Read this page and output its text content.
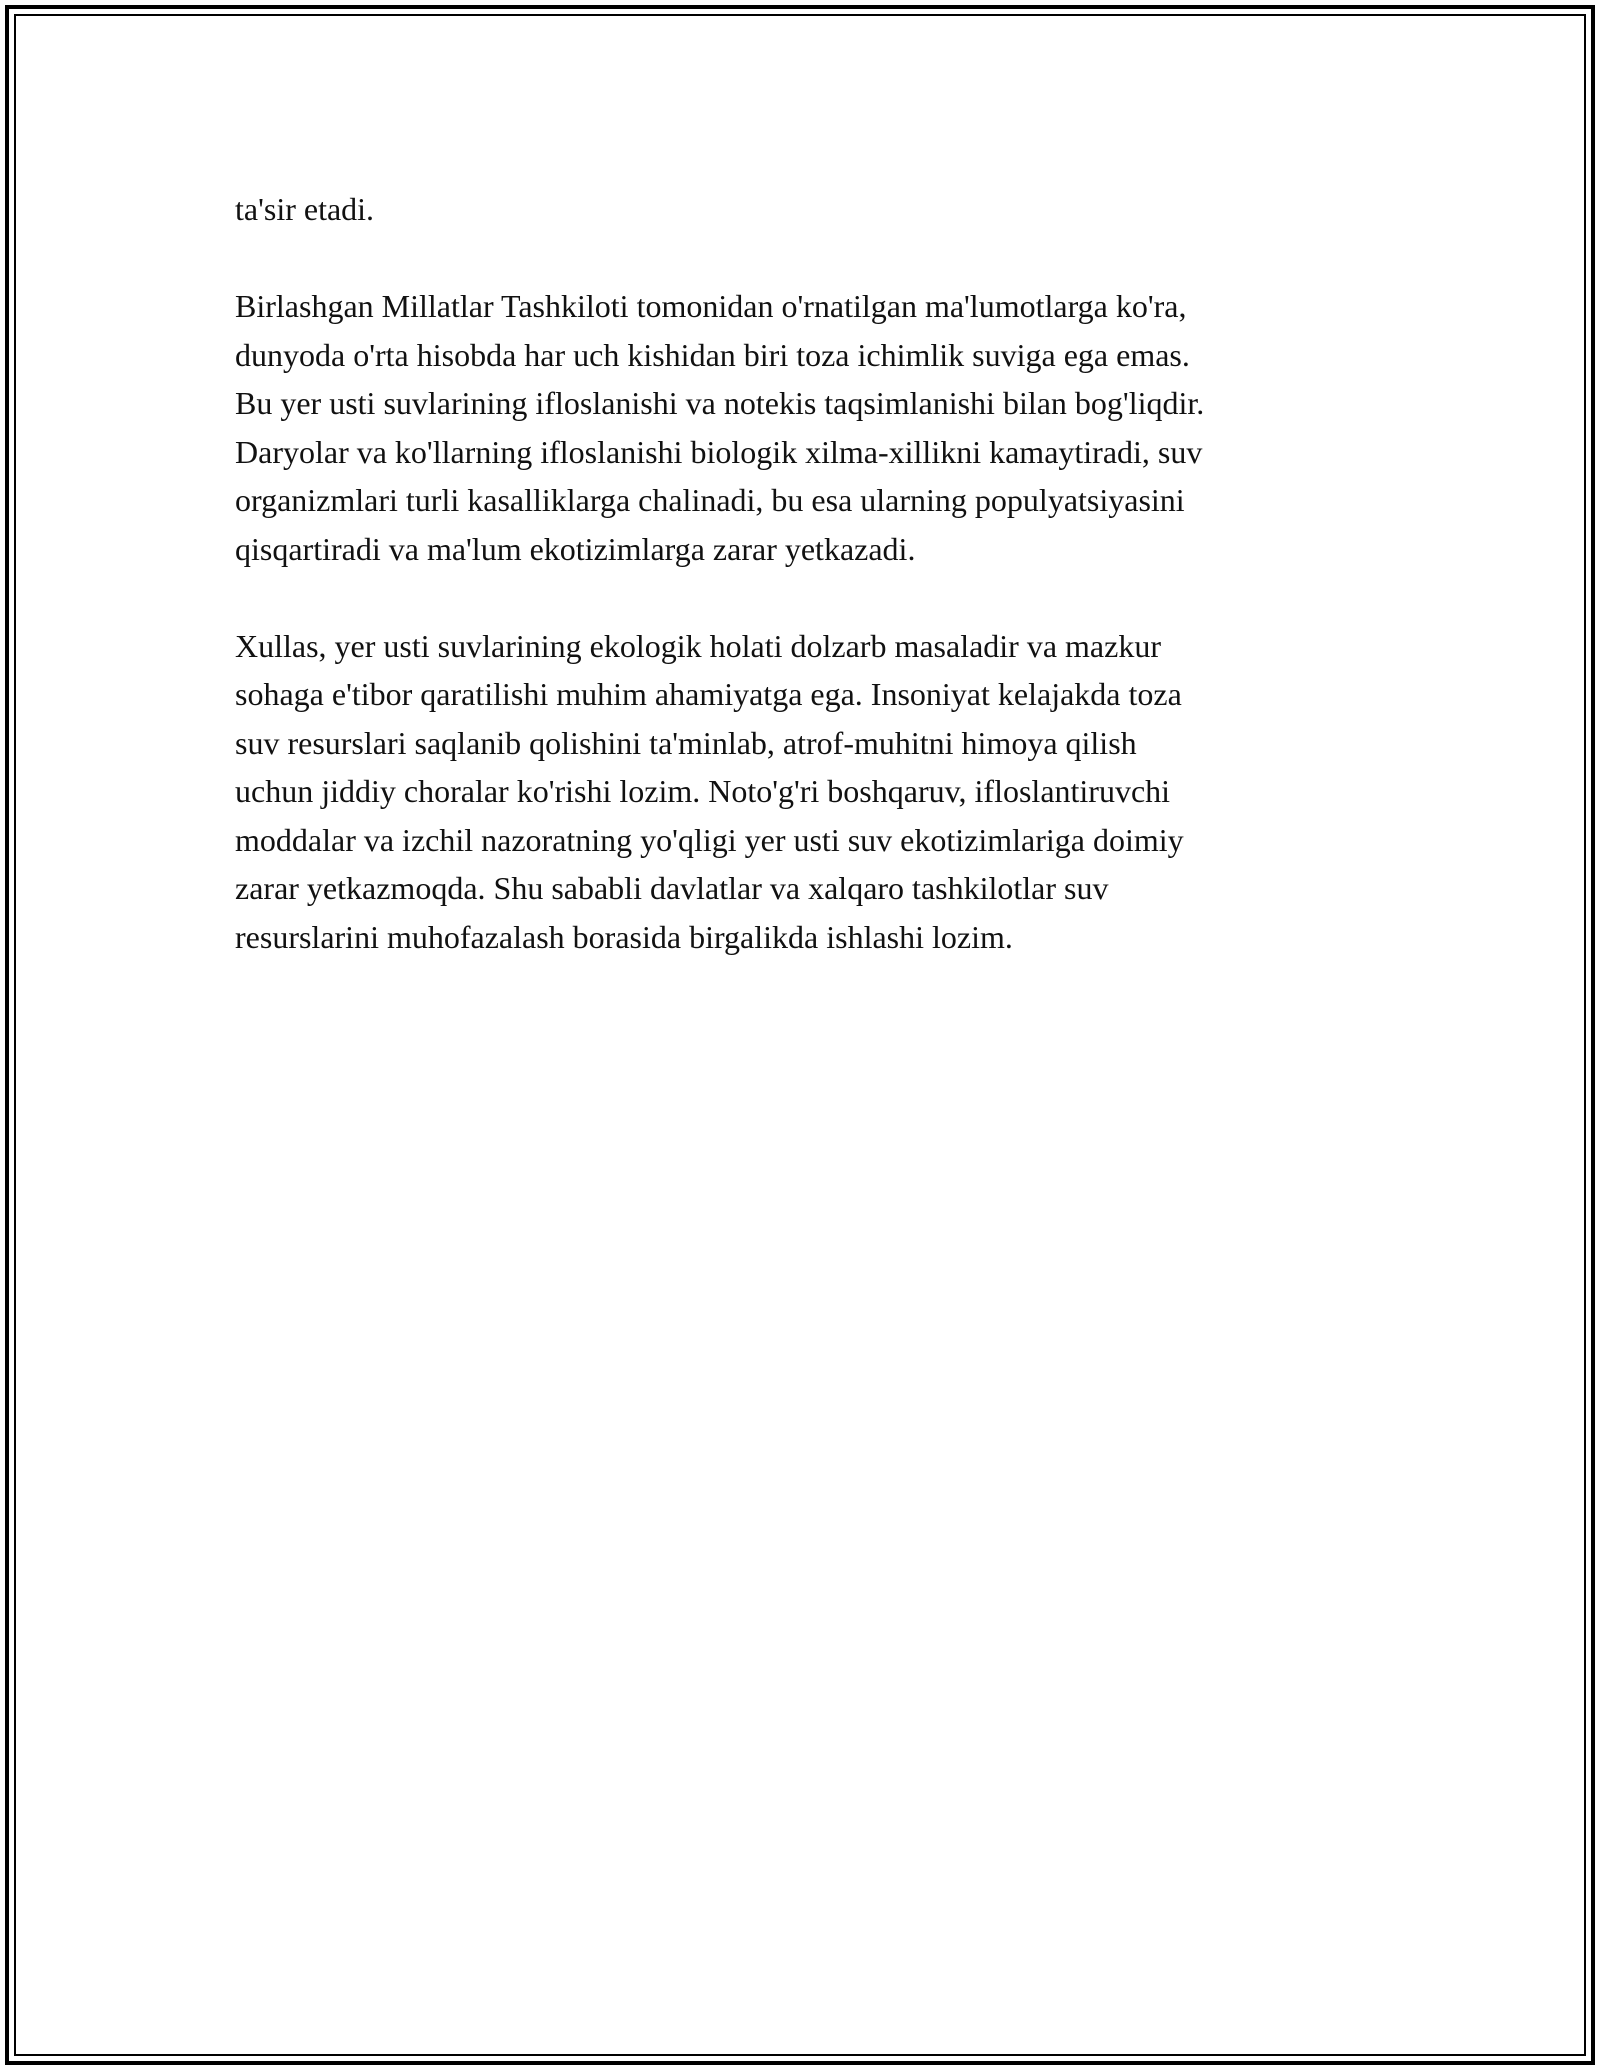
ta'sir etadi.

Birlashgan Millatlar Tashkiloti tomonidan o'rnatilgan ma'lumotlarga ko'ra,
dunyoda o'rta hisobda har uch kishidan biri toza ichimlik suviga ega emas.
Bu yer usti suvlarining ifloslanishi va notekis taqsimlanishi bilan bog'liqdir.
Daryolar va ko'llarning ifloslanishi biologik xilma-xillikni kamaytiradi, suv
organizmlari turli kasalliklarga chalinadi, bu esa ularning populyatsiyasini
qisqartiradi va ma'lum ekotizimlarga zarar yetkazadi.

Xullas, yer usti suvlarining ekologik holati dolzarb masaladir va mazkur
sohaga e'tibor qaratilishi muhim ahamiyatga ega. Insoniyat kelajakda toza
suv resurslari saqlanib qolishini ta'minlab, atrof-muhitni himoya qilish
uchun jiddiy choralar ko'rishi lozim. Noto'g'ri boshqaruv, ifloslantiruvchi
moddalar va izchil nazoratning yo'qligi yer usti suv ekotizimlariga doimiy
zarar yetkazmoqda. Shu sababli davlatlar va xalqaro tashkilotlar suv
resurslarini muhofazalash borasida birgalikda ishlashi lozim.
